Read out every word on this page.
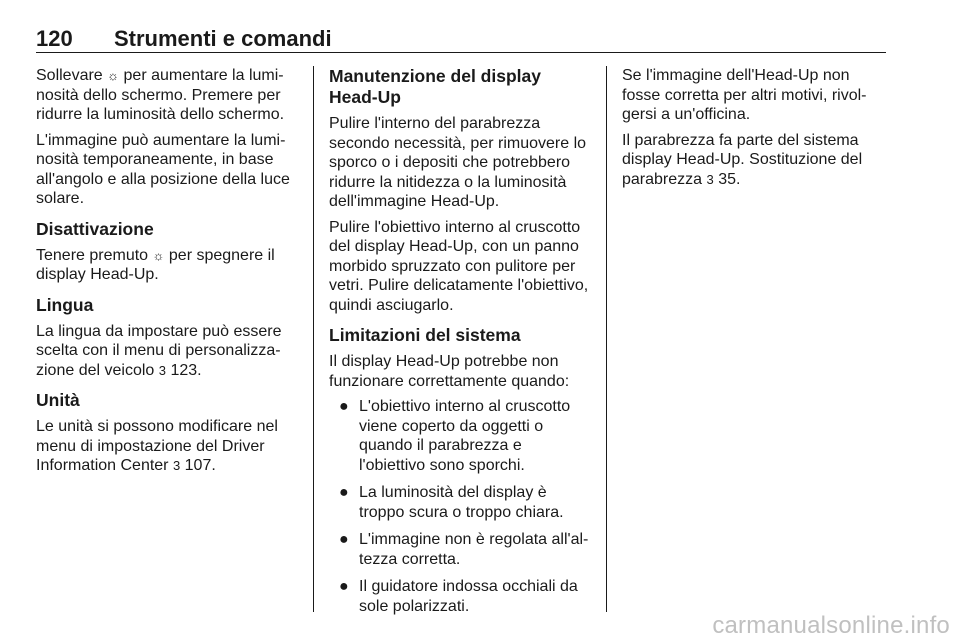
120 Strumenti e comandi

Sollevare ☼ per aumentare la lumi-nosità dello schermo. Premere per ridurre la luminosità dello schermo.

L'immagine può aumentare la lumi-nosità temporaneamente, in base all'angolo e alla posizione della luce solare.

Disattivazione

Tenere premuto ☼ per spegnere il display Head-Up.

Lingua

La lingua da impostare può essere scelta con il menu di personalizza-zione del veicolo 3 123.

Unità

Le unità si possono modificare nel menu di impostazione del Driver Information Center 3 107.

Manutenzione del display Head-Up

Pulire l'interno del parabrezza secondo necessità, per rimuovere lo sporco o i depositi che potrebbero ridurre la nitidezza o la luminosità dell'immagine Head-Up.

Pulire l'obiettivo interno al cruscotto del display Head-Up, con un panno morbido spruzzato con pulitore per vetri. Pulire delicatamente l'obiettivo, quindi asciugarlo.

Limitazioni del sistema

Il display Head-Up potrebbe non funzionare correttamente quando:

● L'obiettivo interno al cruscotto viene coperto da oggetti o quando il parabrezza e l'obiettivo sono sporchi.
● La luminosità del display è troppo scura o troppo chiara.
● L'immagine non è regolata all'al-tezza corretta.
● Il guidatore indossa occhiali da sole polarizzati.

Se l'immagine dell'Head-Up non fosse corretta per altri motivi, rivol-gersi a un'officina.

Il parabrezza fa parte del sistema display Head-Up. Sostituzione del parabrezza 3 35.

carmanualsonline.info
